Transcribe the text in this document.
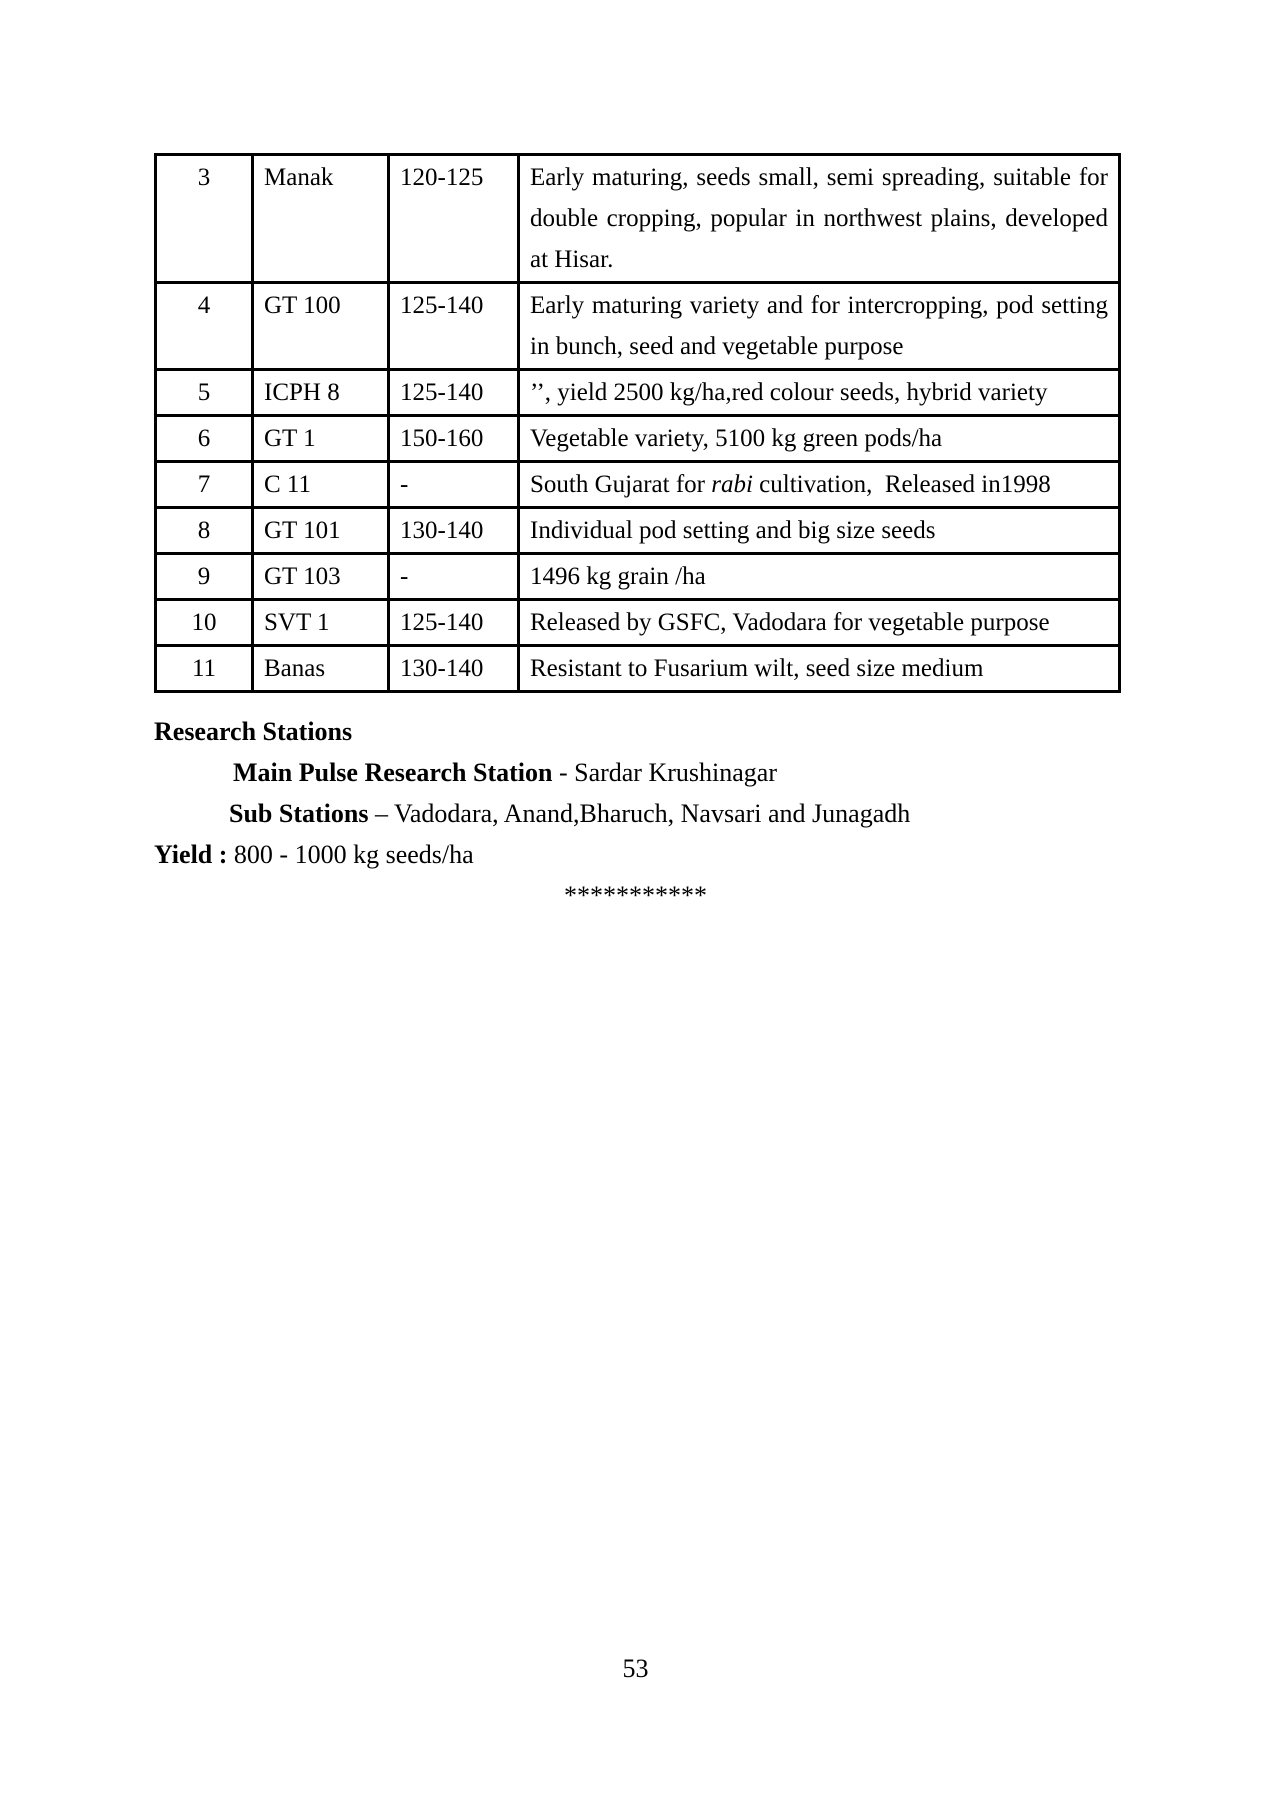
3	Manak	120-125	Early maturing, seeds small, semi spreading, suitable for double cropping, popular in northwest plains, developed at Hisar.
4	GT 100	125-140	Early maturing variety and for intercropping, pod setting in bunch, seed and vegetable purpose
5	ICPH 8	125-140	’’, yield 2500 kg/ha,red colour seeds, hybrid variety
6	GT 1	150-160	Vegetable variety, 5100 kg green pods/ha
7	C 11	-	South Gujarat for rabi cultivation,  Released in1998
8	GT 101	130-140	Individual pod setting and big size seeds
9	GT 103	-	1496 kg grain /ha
10	SVT 1	125-140	Released by GSFC, Vadodara for vegetable purpose
11	Banas	130-140	Resistant to Fusarium wilt, seed size medium
Research Stations
Main Pulse Research Station - Sardar Krushinagar
Sub Stations – Vadodara, Anand,Bharuch, Navsari and Junagadh
Yield : 800 - 1000 kg seeds/ha
***********
53
